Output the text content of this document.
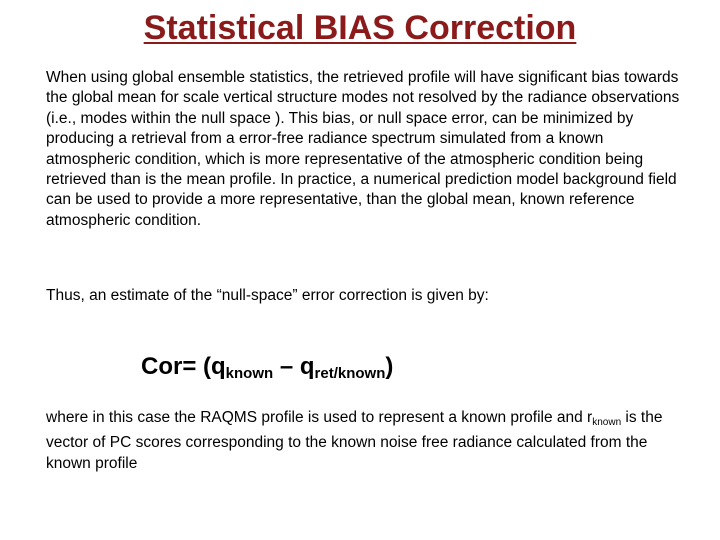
Statistical BIAS Correction
When using global ensemble statistics, the retrieved profile will have significant bias towards the global mean for scale vertical structure modes not resolved by the radiance observations (i.e., modes within the null space ). This bias, or null space error, can be minimized by producing a retrieval from a error-free radiance spectrum simulated from a known atmospheric condition, which is more representative of the atmospheric condition being retrieved than is the mean profile. In practice, a numerical prediction model background field can be used to provide a more representative, than the global mean, known reference atmospheric condition.
Thus, an estimate of the “null-space” error correction is given by:
$Cor= (q_{known} - q_{ret/known})$
where in this case the RAQMS profile is used to represent a known profile and $r_{known}$ is the vector of PC scores corresponding to the known noise free radiance calculated from the known profile
